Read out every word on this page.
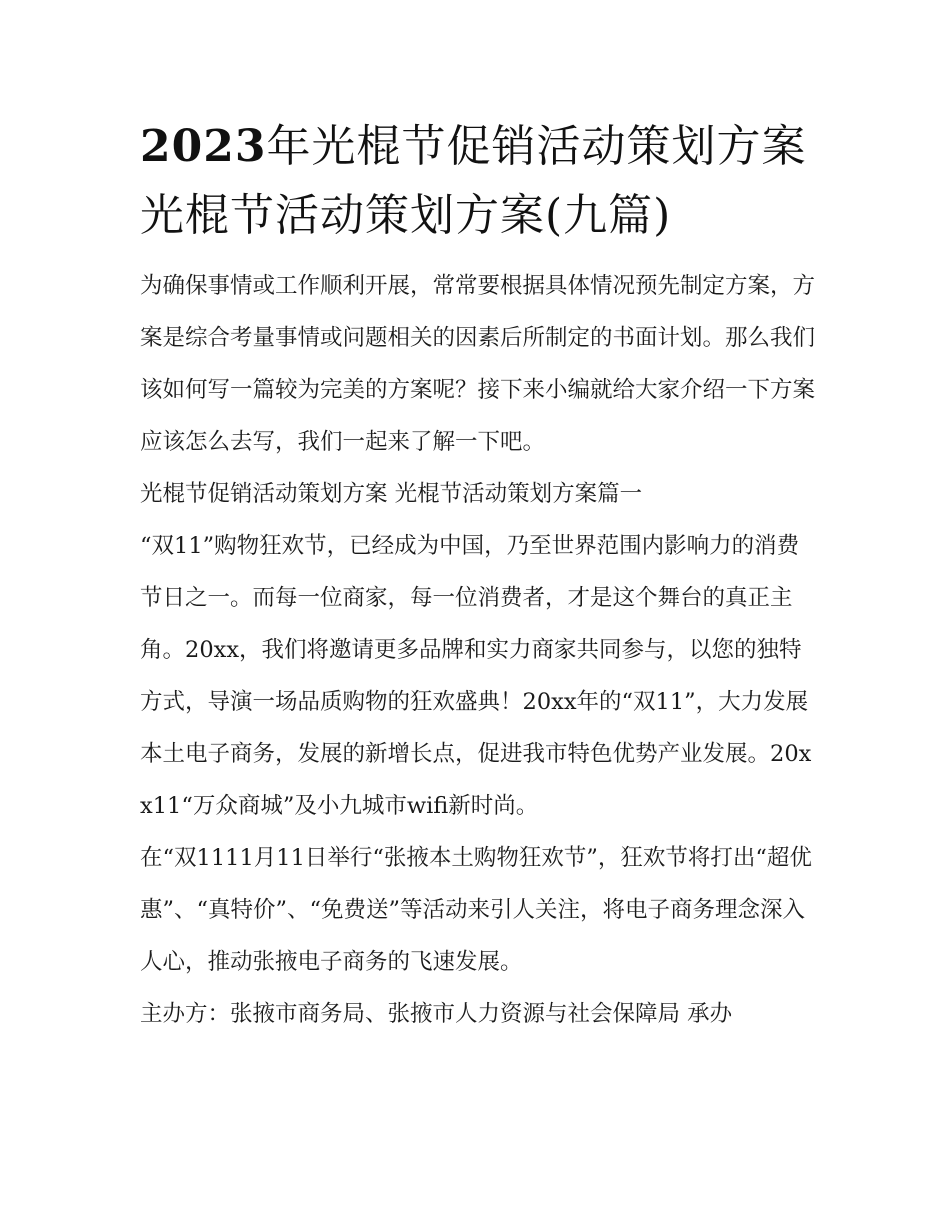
2023年光棍节促销活动策划方案 光棍节活动策划方案(九篇)

为确保事情或工作顺利开展，常常要根据具体情况预先制定方案，方案是综合考量事情或问题相关的因素后所制定的书面计划。那么我们该如何写一篇较为完美的方案呢？接下来小编就给大家介绍一下方案应该怎么去写，我们一起来了解一下吧。

光棍节促销活动策划方案 光棍节活动策划方案篇一

“双11”购物狂欢节，已经成为中国，乃至世界范围内影响力的消费节日之一。而每一位商家，每一位消费者，才是这个舞台的真正主角。20xx，我们将邀请更多品牌和实力商家共同参与，以您的独特方式，导演一场品质购物的狂欢盛典！20xx年的“双11”，大力发展本土电子商务，发展的新增长点，促进我市特色优势产业发展。20xx11“万众商城”及小九城市wifi新时尚。

在“双1111月11日举行“张掖本土购物狂欢节”，狂欢节将打出“超优惠”、“真特价”、“免费送”等活动来引人关注，将电子商务理念深入人心，推动张掖电子商务的飞速发展。

主办方：张掖市商务局、张掖市人力资源与社会保障局 承办
